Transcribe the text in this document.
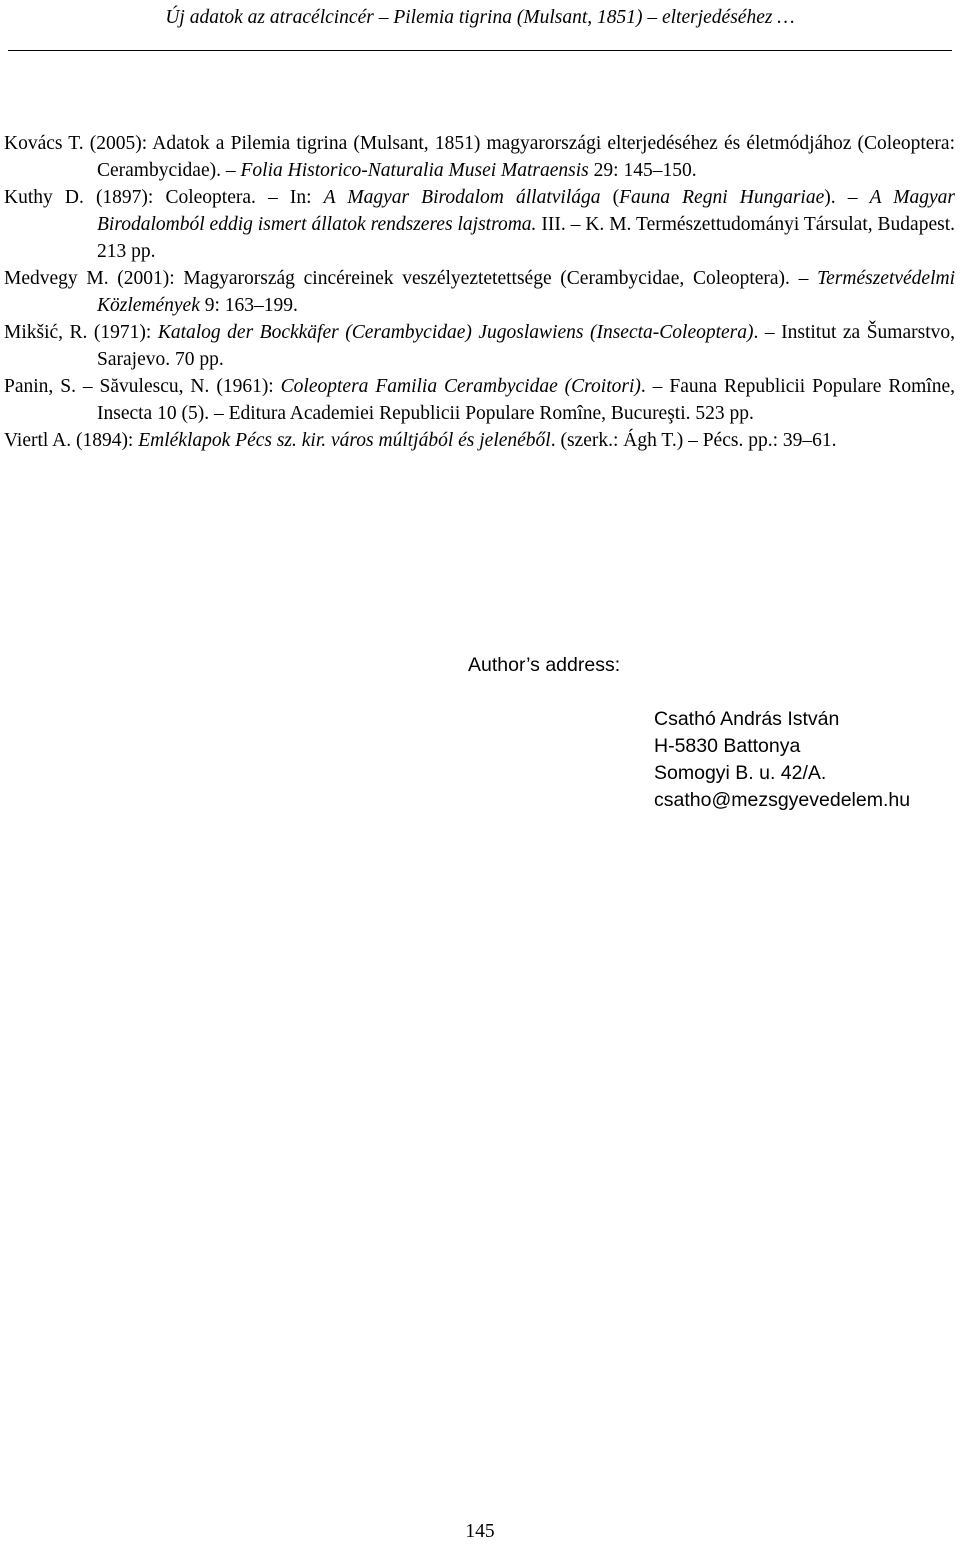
Új adatok az atracélcincér – Pilemia tigrina (Mulsant, 1851) – elterjedéséhez …

Kovács T. (2005): Adatok a Pilemia tigrina (Mulsant, 1851) magyarországi elterjedéséhez és életmódjához (Coleoptera: Cerambycidae). – Folia Historico-Naturalia Musei Matraensis 29: 145–150.

Kuthy D. (1897): Coleoptera. – In: A Magyar Birodalom állatvilága (Fauna Regni Hungariae). – A Magyar Birodalomból eddig ismert állatok rendszeres lajstroma. III. – K. M. Természettudományi Társulat, Budapest. 213 pp.

Medvegy M. (2001): Magyarország cincéreinek veszélyeztetettsége (Cerambycidae, Coleoptera). – Természetvédelmi Közlemények 9: 163–199.

Mikšić, R. (1971): Katalog der Bockkäfer (Cerambycidae) Jugoslawiens (Insecta-Coleoptera). – Institut za Šumarstvo, Sarajevo. 70 pp.

Panin, S. – Săvulescu, N. (1961): Coleoptera Familia Cerambycidae (Croitori). – Fauna Republicii Populare Romîne, Insecta 10 (5). – Editura Academiei Republicii Populare Romîne, Bucureşti. 523 pp.

Viertl A. (1894): Emléklapok Pécs sz. kir. város múltjából és jelenéből. (szerk.: Ágh T.) – Pécs. pp.: 39–61.

Author’s address:
Csathó András István
H-5830 Battonya
Somogyi B. u. 42/A.
csatho@mezsgyevedelem.hu
145
